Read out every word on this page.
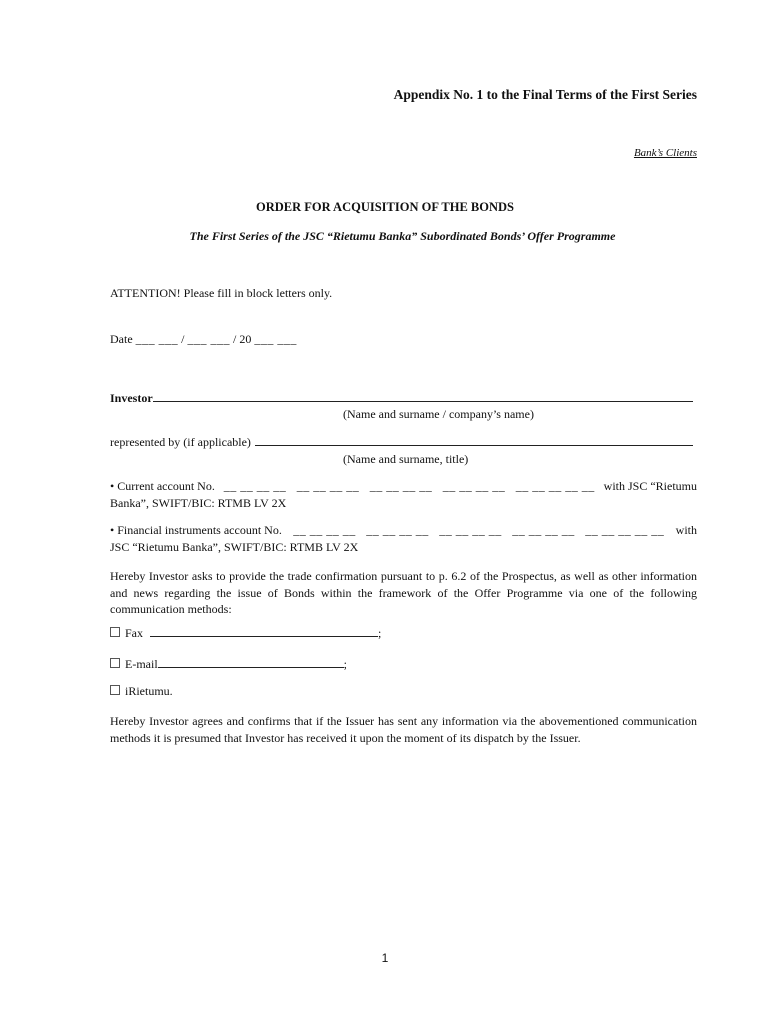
Appendix No. 1 to the Final Terms of the First Series
Bank’s Clients
ORDER FOR ACQUISITION OF THE BONDS
The First Series of the JSC “Rietumu Banka” Subordinated Bonds’ Offer Programme
ATTENTION! Please fill in block letters only.
Date ___ ___ / ___ ___ / 20 ___ ___
Investor
(Name and surname / company’s name)
represented by (if applicable)
(Name and surname, title)
• Current account No. __ __ __ __   __ __ __ __   __ __ __ __   __ __ __ __   __ __ __ __ __ with JSC “Rietumu
Banka”, SWIFT/BIC: RTMB LV 2X
• Financial instruments account No. __ __ __ __   __ __ __ __   __ __ __ __   __ __ __ __   __ __ __ __ __ with
JSC “Rietumu Banka”, SWIFT/BIC: RTMB LV 2X
Hereby Investor asks to provide the trade confirmation pursuant to p. 6.2 of the Prospectus, as well as other information and news regarding the issue of Bonds within the framework of the Offer Programme via one of the following communication methods:
Fax	;
E-mail	;
iRietumu.
Hereby Investor agrees and confirms that if the Issuer has sent any information via the abovementioned communication methods it is presumed that Investor has received it upon the moment of its dispatch by the Issuer.
1
